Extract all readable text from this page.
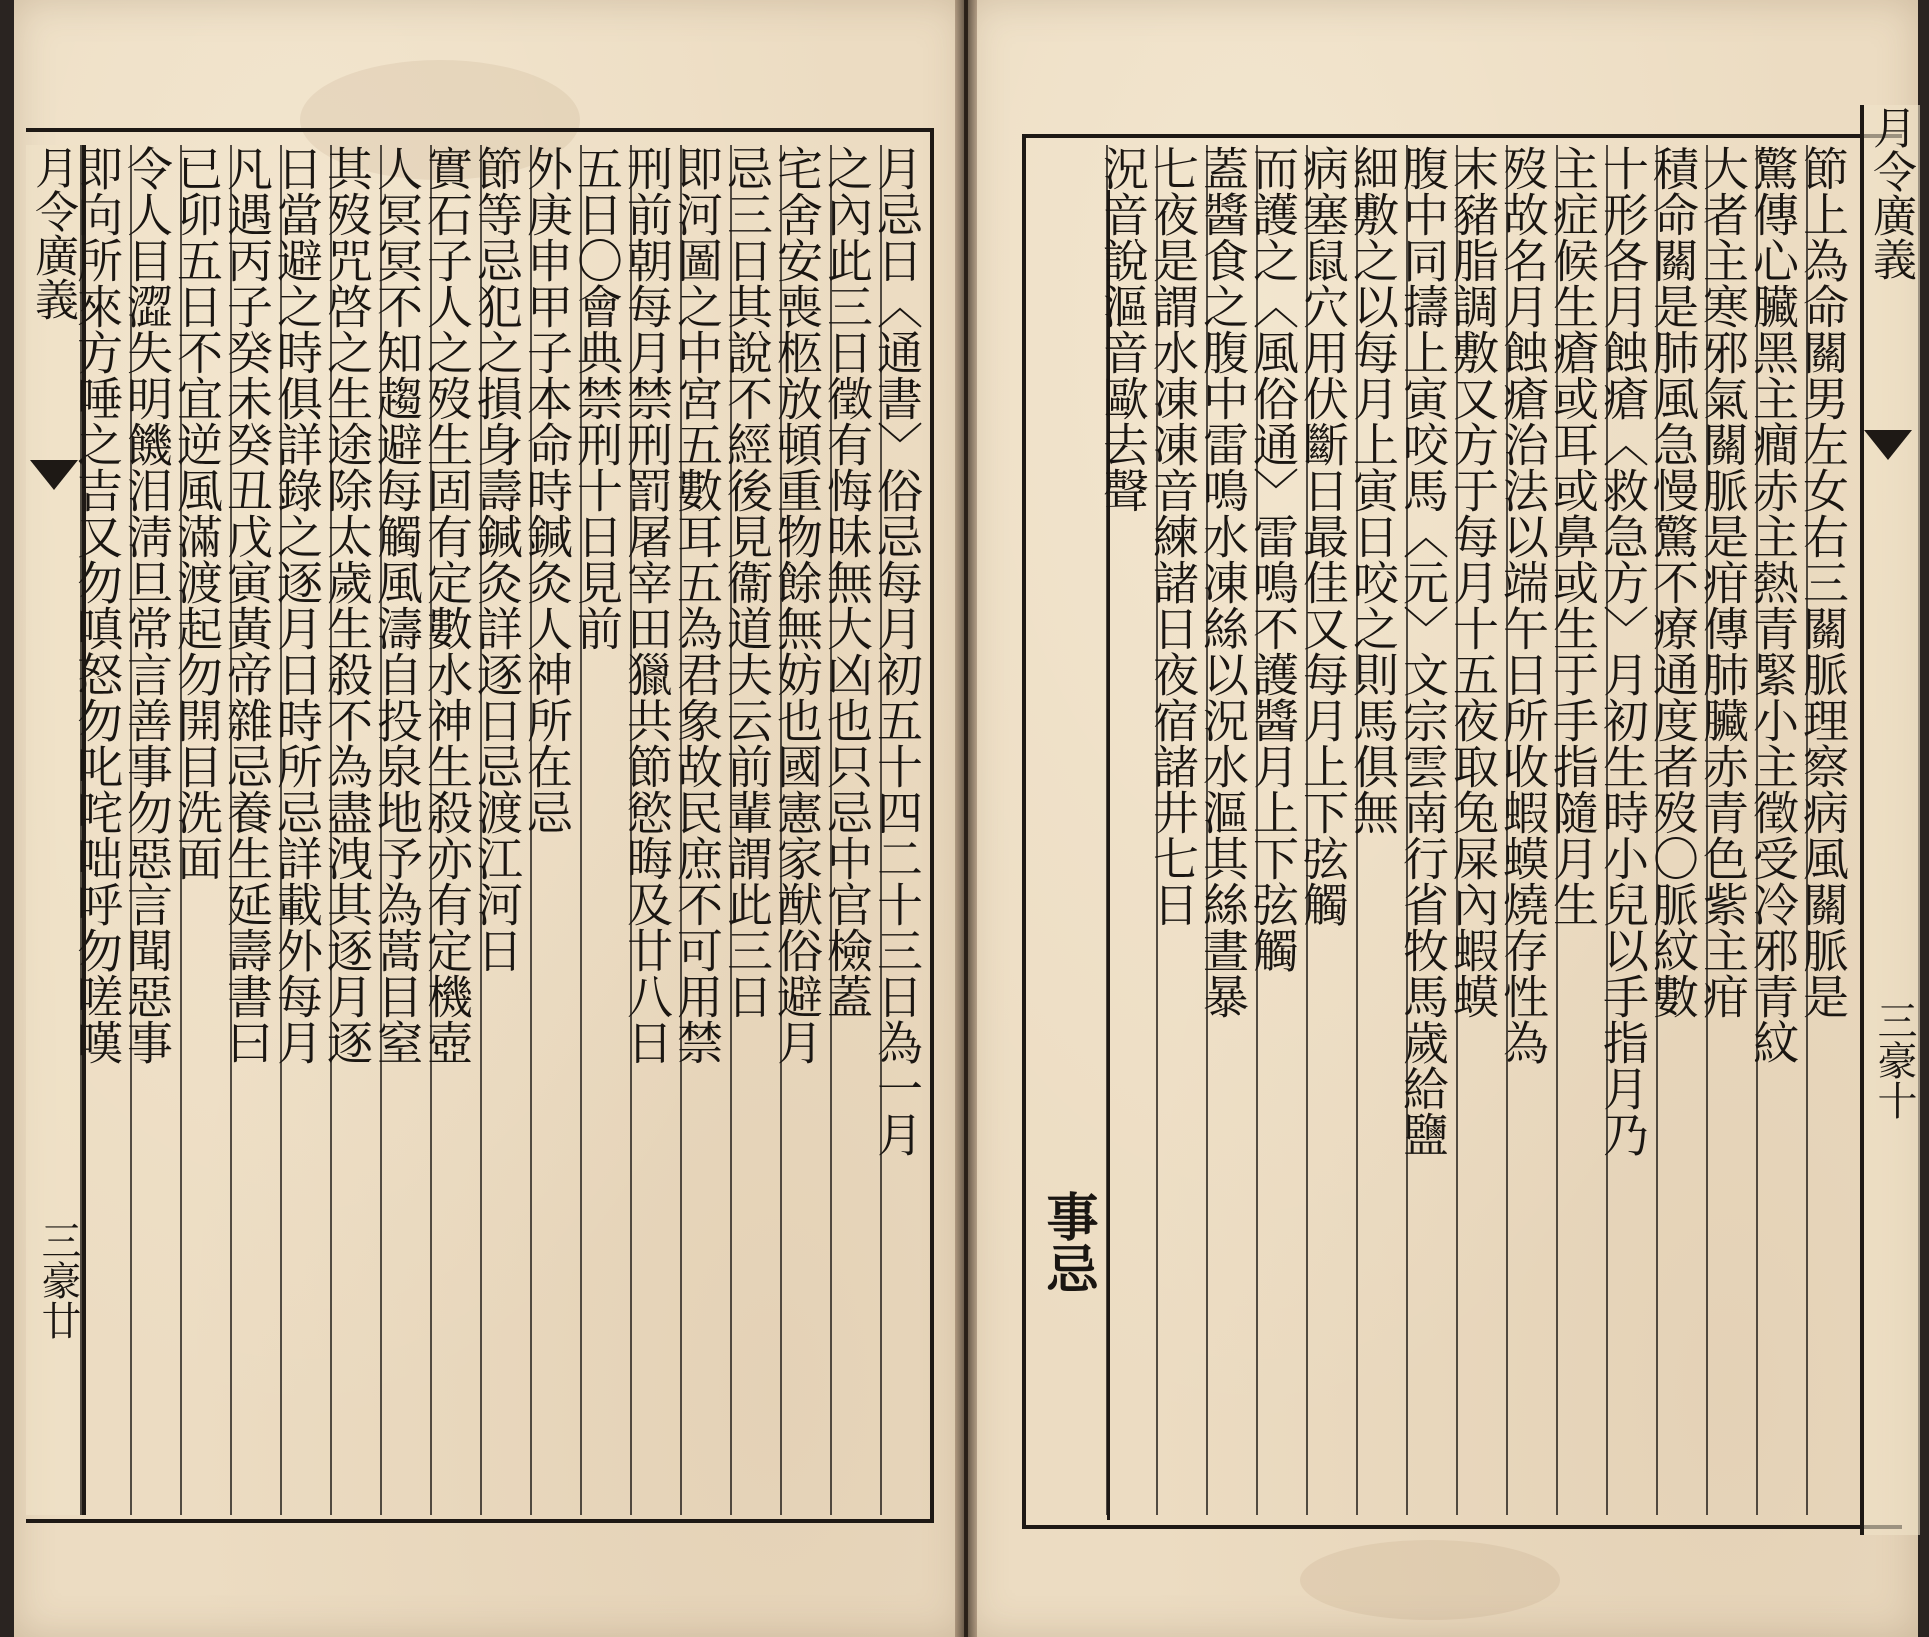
月令廣義	月忌日〈通書〉俗忌每月初五十四二十三日為一月
之內此三日徵有悔昧無大凶也只忌中官檢蓋
宅舍安喪柩放頓重物餘無妨也國憲家猷俗避月
忌三日其說不經後見衞道夫云前輩謂此三日
即河圖之中宮五數耳五為君象故民庶不可用禁
刑前朝每月禁刑罰屠宰田獵共節慾晦及廿八日
五日〇會典禁刑十日見前
外庚申甲子本命時鍼灸人神所在忌
節等忌犯之損身壽鍼灸詳逐日忌渡江河日
實石子人之歿生固有定數水神生殺亦有定機壺
人冥冥不知趨避每觸風濤自投泉地予為蒿目窒
其歿咒啓之生途除太歲生殺不為盡洩其逐月逐
日當避之時俱詳錄之逐月日時所忌詳載外每月
凡遇丙子癸未癸丑戊寅黃帝雜忌養生延壽書曰
已卯五日不宜逆風滿渡起勿開目洗面
令人目澀失明饑泪淸旦常言善事勿惡言聞惡事
即向所來方唾之吉又勿嗔怒勿叱咤咄呼勿嗟嘆	月令廣義
事忌
節上為命關男左女右三關脈理察病風關脈是
驚傳心臟黑主癎赤主熱青緊小主徵受冷邪青紋
大者主寒邪氣關脈是疳傳肺臟赤青色紫主疳
積命關是肺風急慢驚不療通度者歿〇脈紋數
十形各月蝕瘡〈救急方〉月初生時小兒以手指月乃
主症候生瘡或耳或鼻或生于手指隨月生
歿故名月蝕瘡治法以端午日所收蝦蟆燒存性為
末豬脂調敷又方于每月十五夜取兔屎內蝦蟆
腹中同擣上寅咬馬〈元〉文宗雲南行省牧馬歲給鹽
細敷之以每月上寅日咬之則馬俱無
病塞鼠穴用伏斷日最佳又每月上下弦觸
而護之〈風俗通〉雷鳴不護醬月上下弦觸
蓋醬食之腹中雷鳴水凍絲以況水漚其絲晝暴
七夜是謂水凍凍音練諸日夜宿諸井七日
況音說漚音歐去聲
三豪廿
三豪十
